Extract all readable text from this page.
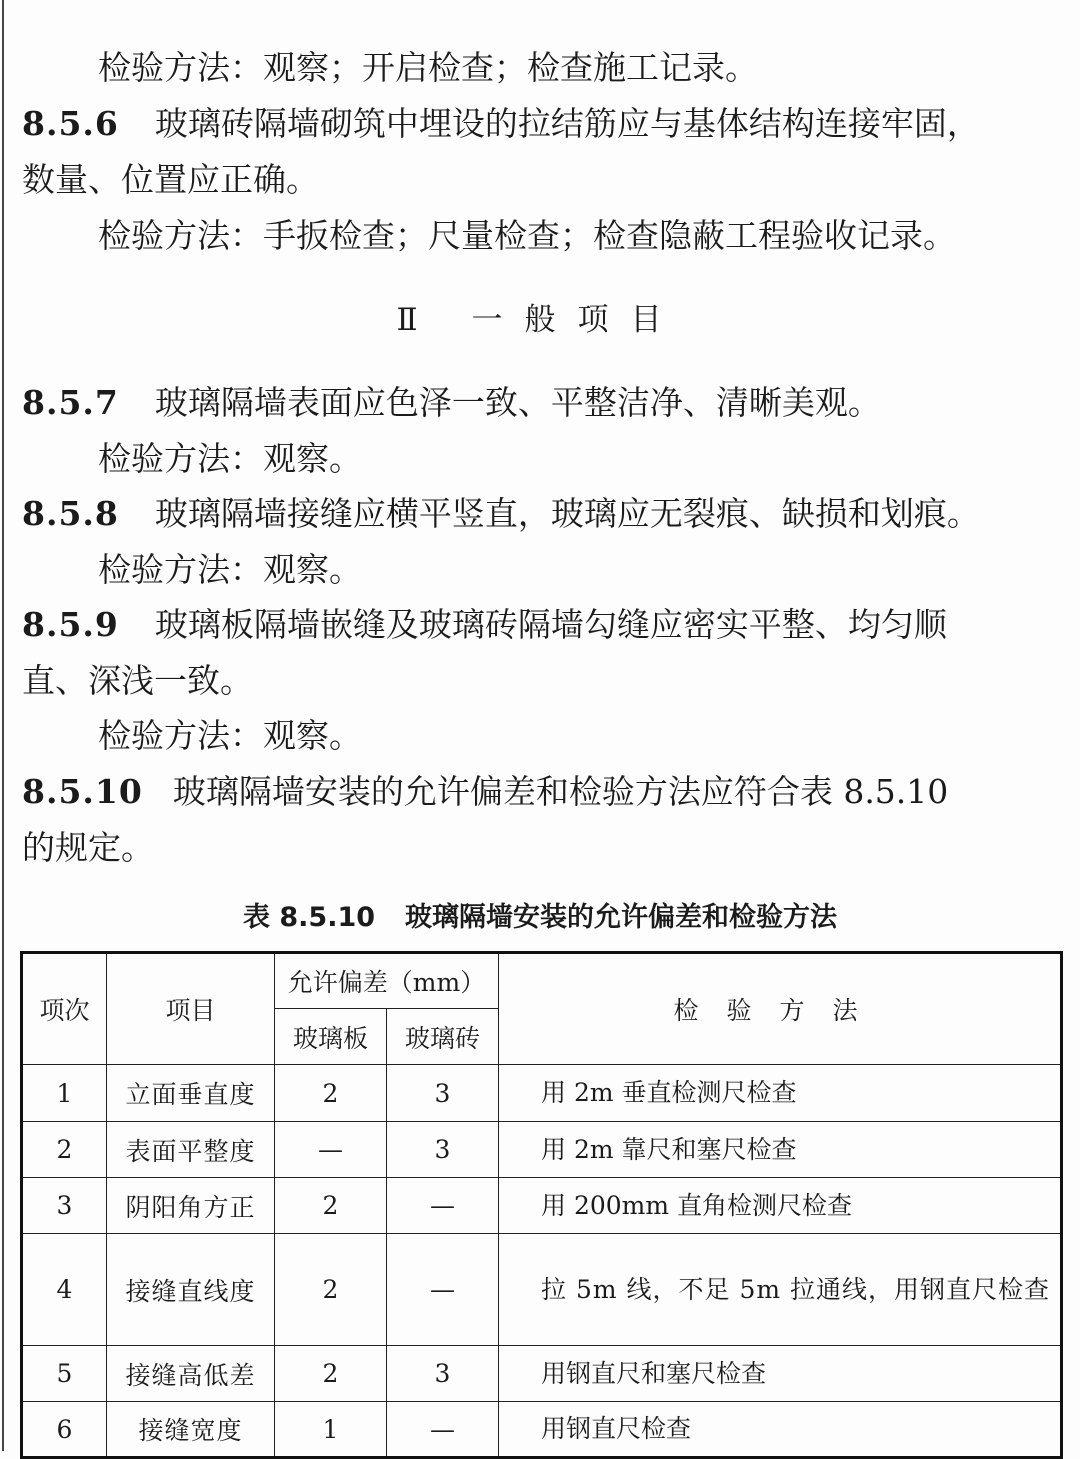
检验方法：观察；开启检查；检查施工记录。
8.5.6 玻璃砖隔墙砌筑中埋设的拉结筋应与基体结构连接牢固，
数量、位置应正确。
检验方法：手扳检查；尺量检查；检查隐蔽工程验收记录。
Ⅱ 一般项目
8.5.7 玻璃隔墙表面应色泽一致、平整洁净、清晰美观。
检验方法：观察。
8.5.8 玻璃隔墙接缝应横平竖直，玻璃应无裂痕、缺损和划痕。
检验方法：观察。
8.5.9 玻璃板隔墙嵌缝及玻璃砖隔墙勾缝应密实平整、均匀顺
直、深浅一致。
检验方法：观察。
8.5.10 玻璃隔墙安装的允许偏差和检验方法应符合表 8.5.10
的规定。
表 8.5.10 玻璃隔墙安装的允许偏差和检验方法
项次	项目	允许偏差（mm）		检验方法
		玻璃板	玻璃砖	
1	立面垂直度	2	3	用 2m 垂直检测尺检查

2	表面平整度	—	3	用 2m 靠尺和塞尺检查

3	阴阳角方正	2	—	用 200mm 直角检测尺检查

4	接缝直线度	2	—	拉 5m 线，不足 5m 拉通线，用钢直尺检查

5	接缝高低差	2	3	用钢直尺和塞尺检查

6	接缝宽度	1	—	用钢直尺检查
